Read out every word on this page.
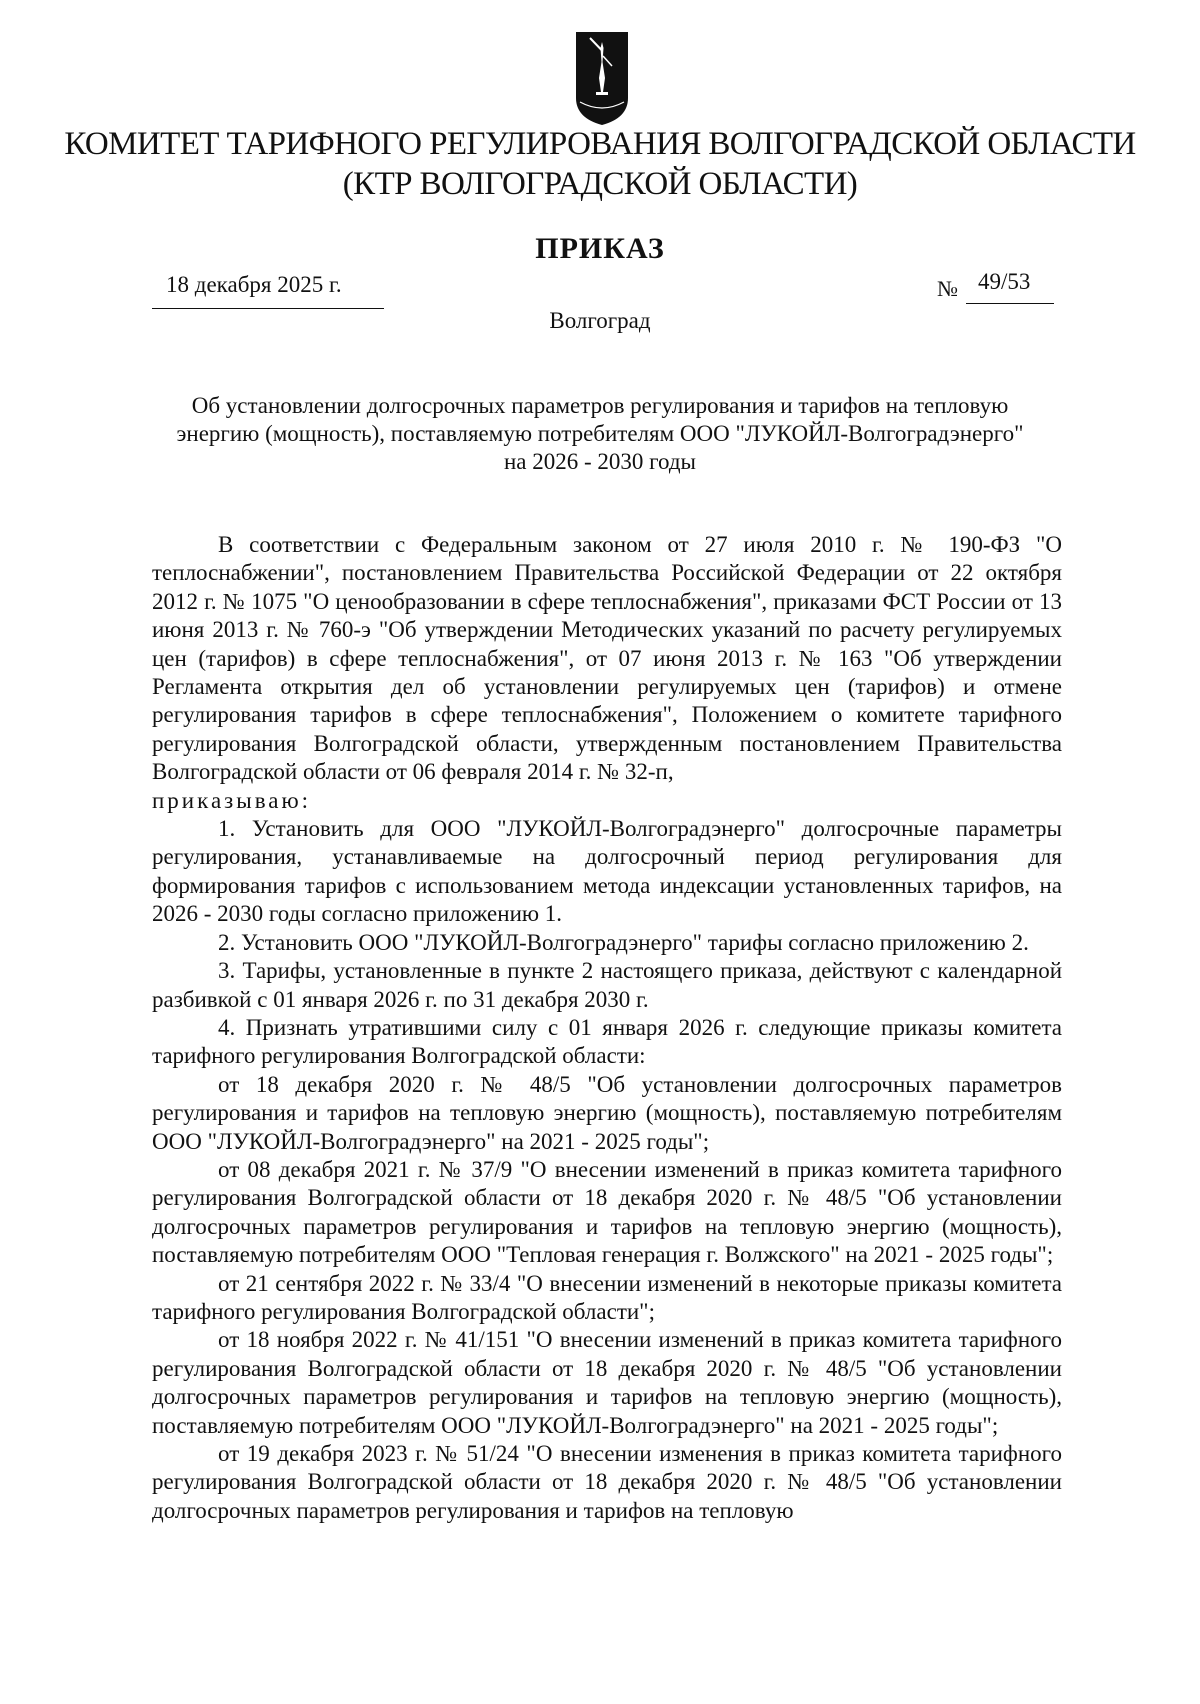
КОМИТЕТ ТАРИФНОГО РЕГУЛИРОВАНИЯ ВОЛГОГРАДСКОЙ ОБЛАСТИ
(КТР ВОЛГОГРАДСКОЙ ОБЛАСТИ)
ПРИКАЗ
18 декабря 2025 г.	№ 49/53
Волгоград
Об установлении долгосрочных параметров регулирования и тарифов на тепловую
энергию (мощность), поставляемую потребителям ООО "ЛУКОЙЛ-Волгоградэнерго"
на 2026 - 2030 годы

В соответствии с Федеральным законом от 27 июля 2010 г. № 190-ФЗ "О теплоснабжении", постановлением Правительства Российской Федерации от 22 октября 2012 г. № 1075 "О ценообразовании в сфере теплоснабжения", приказами ФСТ России от 13 июня 2013 г. № 760-э "Об утверждении Методических указаний по расчету регулируемых цен (тарифов) в сфере теплоснабжения", от 07 июня 2013 г. № 163 "Об утверждении Регламента открытия дел об установлении регулируемых цен (тарифов) и отмене регулирования тарифов в сфере теплоснабжения", Положением о комитете тарифного регулирования Волгоградской области, утвержденным постановлением Правительства Волгоградской области от 06 февраля 2014 г. № 32-п,

приказываю:

1. Установить для ООО "ЛУКОЙЛ-Волгоградэнерго" долгосрочные параметры регулирования, устанавливаемые на долгосрочный период регулирования для формирования тарифов с использованием метода индексации установленных тарифов, на 2026 - 2030 годы согласно приложению 1.

2. Установить ООО "ЛУКОЙЛ-Волгоградэнерго" тарифы согласно приложению 2.

3. Тарифы, установленные в пункте 2 настоящего приказа, действуют с календарной разбивкой с 01 января 2026 г. по 31 декабря 2030 г.

4. Признать утратившими силу с 01 января 2026 г. следующие приказы комитета тарифного регулирования Волгоградской области:

от 18 декабря 2020 г. № 48/5 "Об установлении долгосрочных параметров регулирования и тарифов на тепловую энергию (мощность), поставляемую потребителям ООО "ЛУКОЙЛ-Волгоградэнерго" на 2021 - 2025 годы";

от 08 декабря 2021 г. № 37/9 "О внесении изменений в приказ комитета тарифного регулирования Волгоградской области от 18 декабря 2020 г. № 48/5 "Об установлении долгосрочных параметров регулирования и тарифов на тепловую энергию (мощность), поставляемую потребителям ООО "Тепловая генерация г. Волжского" на 2021 - 2025 годы";

от 21 сентября 2022 г. № 33/4 "О внесении изменений в некоторые приказы комитета тарифного регулирования Волгоградской области";

от 18 ноября 2022 г. № 41/151 "О внесении изменений в приказ комитета тарифного регулирования Волгоградской области от 18 декабря 2020 г. № 48/5 "Об установлении долгосрочных параметров регулирования и тарифов на тепловую энергию (мощность), поставляемую потребителям ООО "ЛУКОЙЛ-Волгоградэнерго" на 2021 - 2025 годы";

от 19 декабря 2023 г. № 51/24 "О внесении изменения в приказ комитета тарифного регулирования Волгоградской области от 18 декабря 2020 г. № 48/5 "Об установлении долгосрочных параметров регулирования и тарифов на тепловую
